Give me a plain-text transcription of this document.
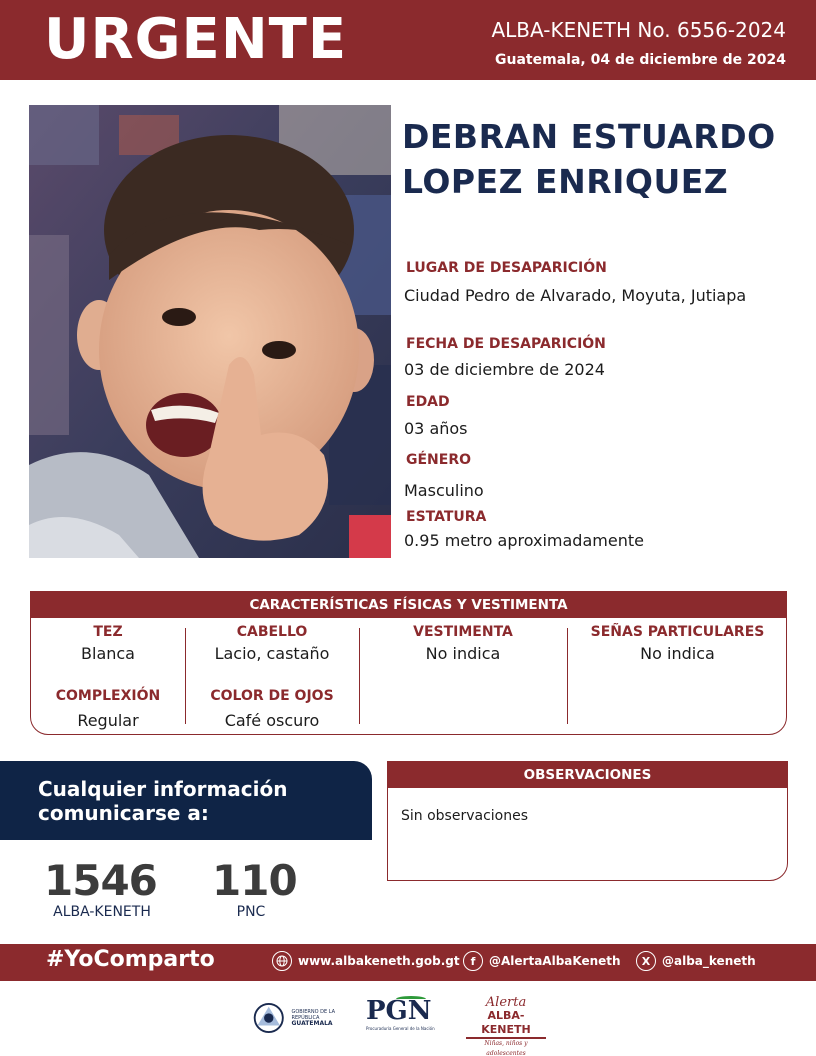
URGENTE	ALBA-KENETH No. 6556-2024
Guatemala, 04 de diciembre de 2024
DEBRAN ESTUARDO
LOPEZ ENRIQUEZ
LUGAR DE DESAPARICIÓN
Ciudad Pedro de Alvarado, Moyuta, Jutiapa
FECHA DE DESAPARICIÓN
03 de diciembre de 2024
EDAD
03 años
GÉNERO
Masculino
ESTATURA
0.95 metro aproximadamente
CARACTERÍSTICAS FÍSICAS Y VESTIMENTA
TEZ
Blanca
CABELLO
Lacio, castaño
VESTIMENTA
No indica
SEÑAS PARTICULARES
No indica
COMPLEXIÓN
Regular
COLOR DE OJOS
Café oscuro
Cualquier información
comunicarse a:
1546
ALBA-KENETH
110
PNC
OBSERVACIONES
Sin observaciones
#YoComparto	www.albakeneth.gob.gt	f	@AlertaAlbaKeneth	X @alba_keneth
GOBIERNO DE LA REPÚBLICA
GUATEMALA	PGN
Procuraduría General de la Nación
Alerta
ALBA-KENETH
Niñas, niños y adolescentes
